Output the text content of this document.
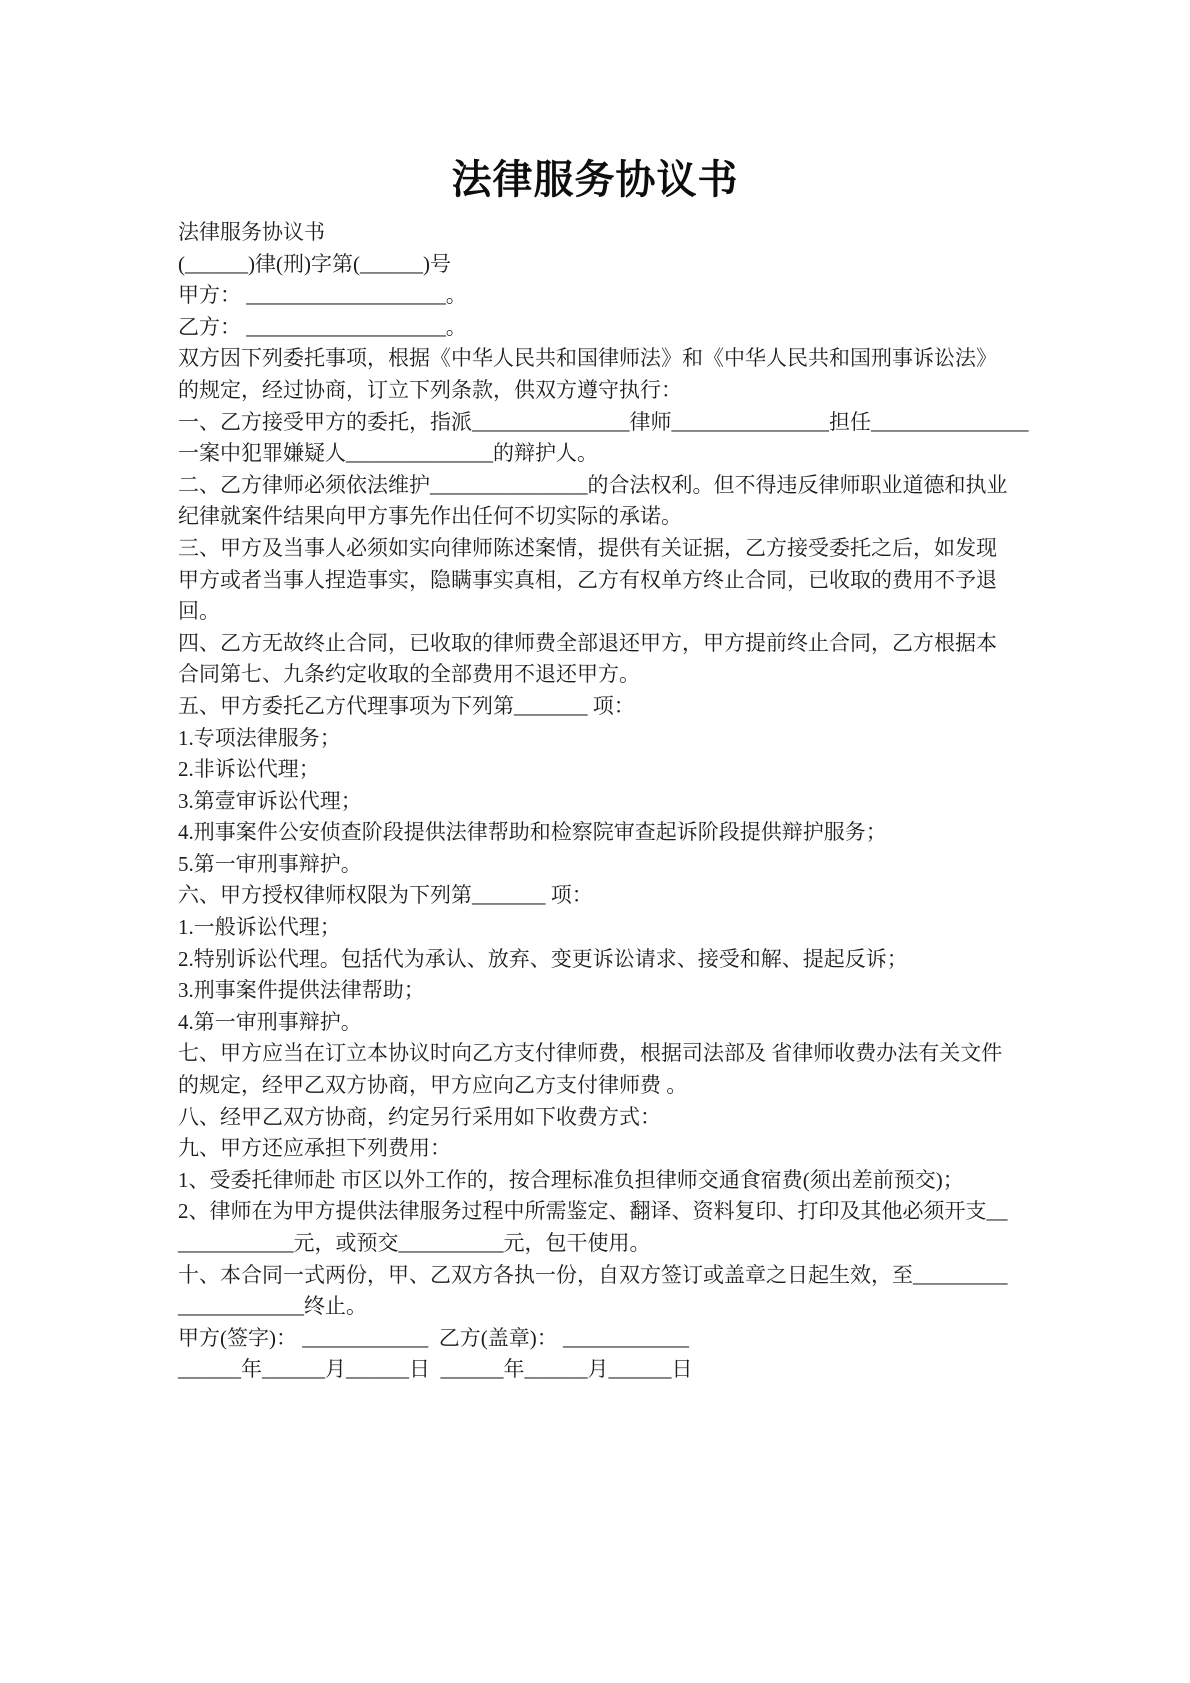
法律服务协议书
法律服务协议书
(______)律(刑)字第(______)号
甲方： ___________________。
乙方： ___________________。
双方因下列委托事项，根据《中华人民共和国律师法》和《中华人民共和国刑事诉讼法》
的规定，经过协商，订立下列条款，供双方遵守执行：
一、乙方接受甲方的委托，指派_______________律师_______________担任_______________
一案中犯罪嫌疑人______________的辩护人。
二、乙方律师必须依法维护_______________的合法权利。但不得违反律师职业道德和执业
纪律就案件结果向甲方事先作出任何不切实际的承诺。
三、甲方及当事人必须如实向律师陈述案情，提供有关证据，乙方接受委托之后，如发现
甲方或者当事人捏造事实，隐瞒事实真相，乙方有权单方终止合同，已收取的费用不予退
回。
四、乙方无故终止合同，已收取的律师费全部退还甲方，甲方提前终止合同，乙方根据本
合同第七、九条约定收取的全部费用不退还甲方。
五、甲方委托乙方代理事项为下列第_______ 项：
1.专项法律服务；
2.非诉讼代理；
3.第壹审诉讼代理；
4.刑事案件公安侦查阶段提供法律帮助和检察院审查起诉阶段提供辩护服务；
5.第一审刑事辩护。
六、甲方授权律师权限为下列第_______ 项：
1.一般诉讼代理；
2.特别诉讼代理。包括代为承认、放弃、变更诉讼请求、接受和解、提起反诉；
3.刑事案件提供法律帮助；
4.第一审刑事辩护。
七、甲方应当在订立本协议时向乙方支付律师费，根据司法部及 省律师收费办法有关文件
的规定，经甲乙双方协商，甲方应向乙方支付律师费 。
八、经甲乙双方协商，约定另行采用如下收费方式：
九、甲方还应承担下列费用：
1、受委托律师赴 市区以外工作的，按合理标准负担律师交通食宿费(须出差前预交)；
2、律师在为甲方提供法律服务过程中所需鉴定、翻译、资料复印、打印及其他必须开支__
___________元，或预交__________元，包干使用。
十、本合同一式两份，甲、乙双方各执一份，自双方签订或盖章之日起生效，至_________
____________终止。
甲方(签字)： ____________  乙方(盖章)： ____________
______年______月______日  ______年______月______日
